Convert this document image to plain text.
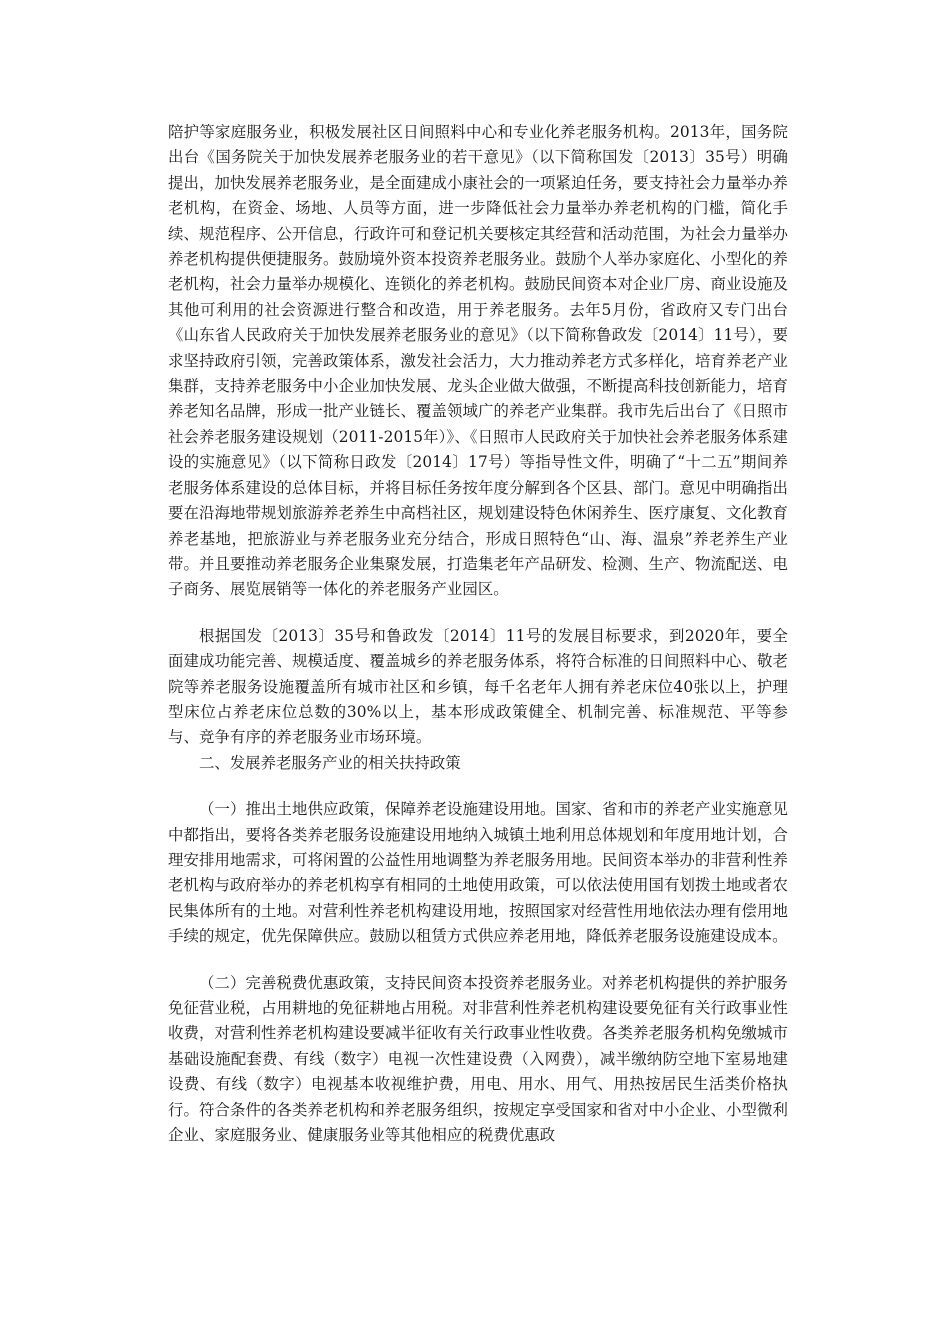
陪护等家庭服务业，积极发展社区日间照料中心和专业化养老服务机构。2013年，国务院出台《国务院关于加快发展养老服务业的若干意见》（以下简称国发〔2013〕35号）明确提出，加快发展养老服务业，是全面建成小康社会的一项紧迫任务，要支持社会力量举办养老机构，在资金、场地、人员等方面，进一步降低社会力量举办养老机构的门槛，简化手续、规范程序、公开信息，行政许可和登记机关要核定其经营和活动范围，为社会力量举办养老机构提供便捷服务。鼓励境外资本投资养老服务业。鼓励个人举办家庭化、小型化的养老机构，社会力量举办规模化、连锁化的养老机构。鼓励民间资本对企业厂房、商业设施及其他可利用的社会资源进行整合和改造，用于养老服务。去年5月份，省政府又专门出台《山东省人民政府关于加快发展养老服务业的意见》（以下简称鲁政发〔2014〕11号），要求坚持政府引领，完善政策体系，激发社会活力，大力推动养老方式多样化，培育养老产业集群，支持养老服务中小企业加快发展、龙头企业做大做强，不断提高科技创新能力，培育养老知名品牌，形成一批产业链长、覆盖领域广的养老产业集群。我市先后出台了《日照市社会养老服务建设规划（2011-2015年）》、《日照市人民政府关于加快社会养老服务体系建设的实施意见》（以下简称日政发〔2014〕17号）等指导性文件，明确了“十二五”期间养老服务体系建设的总体目标，并将目标任务按年度分解到各个区县、部门。意见中明确指出要在沿海地带规划旅游养老养生中高档社区，规划建设特色休闲养生、医疗康复、文化教育养老基地，把旅游业与养老服务业充分结合，形成日照特色“山、海、温泉”养老养生产业带。并且要推动养老服务企业集聚发展，打造集老年产品研发、检测、生产、物流配送、电子商务、展览展销等一体化的养老服务产业园区。

根据国发〔2013〕35号和鲁政发〔2014〕11号的发展目标要求，到2020年，要全面建成功能完善、规模适度、覆盖城乡的养老服务体系，将符合标准的日间照料中心、敬老院等养老服务设施覆盖所有城市社区和乡镇，每千名老年人拥有养老床位40张以上，护理型床位占养老床位总数的30%以上，基本形成政策健全、机制完善、标准规范、平等参与、竞争有序的养老服务业市场环境。

二、发展养老服务产业的相关扶持政策

（一）推出土地供应政策，保障养老设施建设用地。国家、省和市的养老产业实施意见中都指出，要将各类养老服务设施建设用地纳入城镇土地利用总体规划和年度用地计划，合理安排用地需求，可将闲置的公益性用地调整为养老服务用地。民间资本举办的非营利性养老机构与政府举办的养老机构享有相同的土地使用政策，可以依法使用国有划拨土地或者农民集体所有的土地。对营利性养老机构建设用地，按照国家对经营性用地依法办理有偿用地手续的规定，优先保障供应。鼓励以租赁方式供应养老用地，降低养老服务设施建设成本。

（二）完善税费优惠政策，支持民间资本投资养老服务业。对养老机构提供的养护服务免征营业税，占用耕地的免征耕地占用税。对非营利性养老机构建设要免征有关行政事业性收费，对营利性养老机构建设要减半征收有关行政事业性收费。各类养老服务机构免缴城市基础设施配套费、有线（数字）电视一次性建设费（入网费），减半缴纳防空地下室易地建设费、有线（数字）电视基本收视维护费，用电、用水、用气、用热按居民生活类价格执行。符合条件的各类养老机构和养老服务组织，按规定享受国家和省对中小企业、小型微利企业、家庭服务业、健康服务业等其他相应的税费优惠政
